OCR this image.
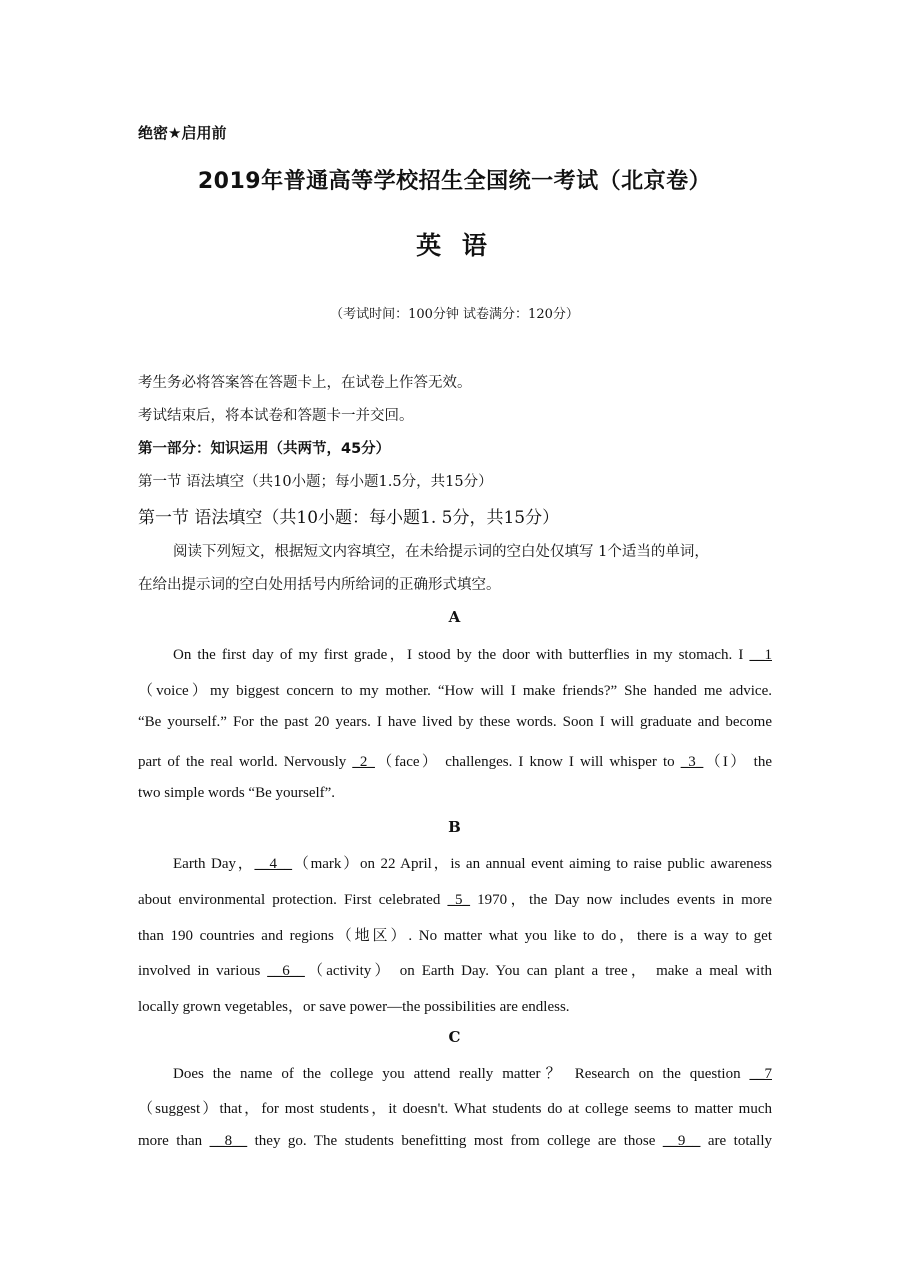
绝密★启用前

2019年普通高等学校招生全国统一考试（北京卷）

英 语

（考试时间：100分钟 试卷满分：120分）

考生务必将答案答在答题卡上，在试卷上作答无效。

考试结束后，将本试卷和答题卡一并交回。

第一部分：知识运用（共两节，45分）

第一节 语法填空（共10小题；每小题1.5分，共15分）

第一节 语法填空（共10小题：每小题1. 5分，共15分）

阅读下列短文，根据短文内容填空，在未给提示词的空白处仅填写 1个适当的单词，

在给出提示词的空白处用括号内所给词的正确形式填空。

A

On the first day of my first grade，I stood by the door with butterflies in my stomach. I __1

（voice）my biggest concern to my mother. “How will I make friends?” She handed me advice.

“Be yourself.” For the past 20 years. I have lived by these words. Soon I will graduate and become

part of the real world. Nervously _2_（face） challenges. I know I will whisper to _3_（I） the

two simple words “Be yourself”.

B

Earth Day，__4__（mark）on 22 April，is an annual event aiming to raise public awareness

about environmental protection. First celebrated _5_ 1970，the Day now includes events in more

than 190 countries and regions（地区）. No matter what you like to do，there is a way to get

involved in various __6__（activity） on Earth Day. You can plant a tree， make a meal with

locally grown vegetables，or save power—the possibilities are endless.

C

Does the name of the college you attend really matter？ Research on the question __7

（suggest）that，for most students，it doesn't. What students do at college seems to matter much

more than __8__ they go. The students benefitting most from college are those __9__ are totally
